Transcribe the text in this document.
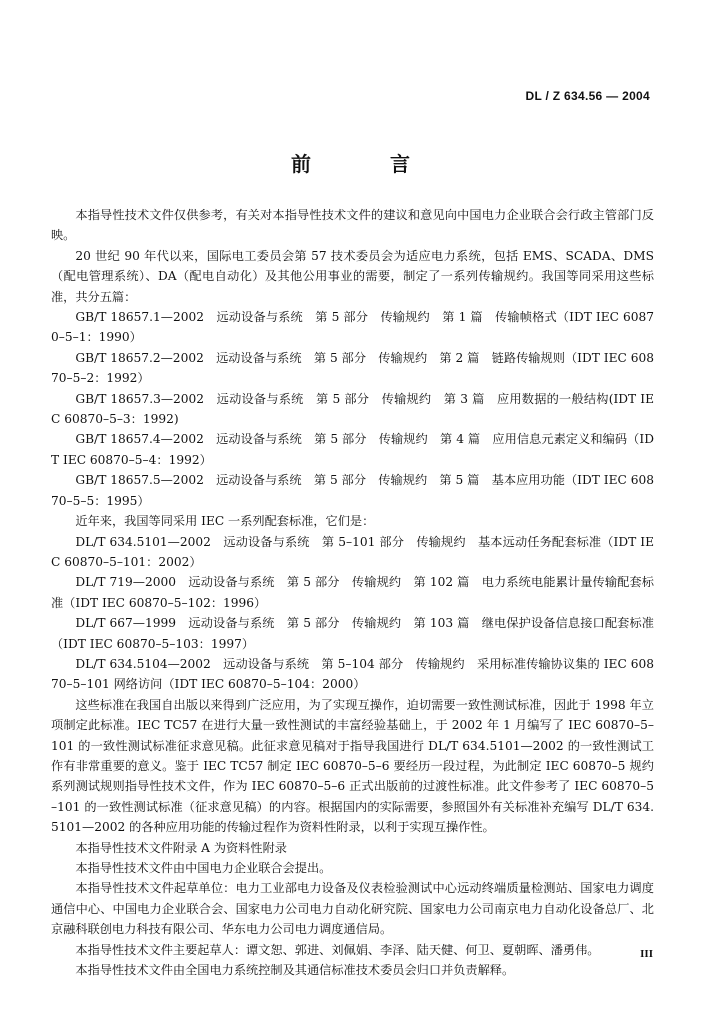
DL / Z 634.56 — 2004
前 言

本指导性技术文件仅供参考，有关对本指导性技术文件的建议和意见向中国电力企业联合会行政主管部门反映。

20 世纪 90 年代以来，国际电工委员会第 57 技术委员会为适应电力系统，包括 EMS、SCADA、DMS（配电管理系统）、DA（配电自动化）及其他公用事业的需要，制定了一系列传输规约。我国等同采用这些标准，共分五篇：

GB/T 18657.1—2002　远动设备与系统　第 5 部分　传输规约　第 1 篇　传输帧格式（IDT IEC 60870–5–1：1990）

GB/T 18657.2—2002　远动设备与系统　第 5 部分　传输规约　第 2 篇　链路传输规则（IDT IEC 60870–5–2：1992）

GB/T 18657.3—2002　远动设备与系统　第 5 部分　传输规约　第 3 篇　应用数据的一般结构(IDT IEC 60870–5–3：1992)

GB/T 18657.4—2002　远动设备与系统　第 5 部分　传输规约　第 4 篇　应用信息元素定义和编码（IDT IEC 60870–5–4：1992）

GB/T 18657.5—2002　远动设备与系统　第 5 部分　传输规约　第 5 篇　基本应用功能（IDT IEC 60870–5–5：1995）

近年来，我国等同采用 IEC 一系列配套标准，它们是：

DL/T 634.5101—2002　远动设备与系统　第 5–101 部分　传输规约　基本远动任务配套标准（IDT IEC 60870–5–101：2002）

DL/T 719—2000　远动设备与系统　第 5 部分　传输规约　第 102 篇　电力系统电能累计量传输配套标准（IDT IEC 60870–5–102：1996）

DL/T 667—1999　远动设备与系统　第 5 部分　传输规约　第 103 篇　继电保护设备信息接口配套标准（IDT IEC 60870–5–103：1997）

DL/T 634.5104—2002　远动设备与系统　第 5–104 部分　传输规约　采用标准传输协议集的 IEC 60870–5–101 网络访问（IDT IEC 60870–5–104：2000）

这些标准在我国自出版以来得到广泛应用，为了实现互操作，迫切需要一致性测试标准，因此于 1998 年立项制定此标准。IEC TC57 在进行大量一致性测试的丰富经验基础上，于 2002 年 1 月编写了 IEC 60870–5–101 的一致性测试标准征求意见稿。此征求意见稿对于指导我国进行 DL/T 634.5101—2002 的一致性测试工作有非常重要的意义。鉴于 IEC TC57 制定 IEC 60870–5–6 要经历一段过程，为此制定 IEC 60870–5 规约系列测试规则指导性技术文件，作为 IEC 60870–5–6 正式出版前的过渡性标准。此文件参考了 IEC 60870–5–101 的一致性测试标准（征求意见稿）的内容。根据国内的实际需要，参照国外有关标准补充编写 DL/T 634.5101—2002 的各种应用功能的传输过程作为资料性附录，以利于实现互操作性。

本指导性技术文件附录 A 为资料性附录

本指导性技术文件由中国电力企业联合会提出。

本指导性技术文件起草单位：电力工业部电力设备及仪表检验测试中心远动终端质量检测站、国家电力调度通信中心、中国电力企业联合会、国家电力公司电力自动化研究院、国家电力公司南京电力自动化设备总厂、北京融科联创电力科技有限公司、华东电力公司电力调度通信局。

本指导性技术文件主要起草人：谭文恕、郭进、刘佩娟、李泽、陆天健、何卫、夏朝晖、潘勇伟。

本指导性技术文件由全国电力系统控制及其通信标准技术委员会归口并负责解释。

III
